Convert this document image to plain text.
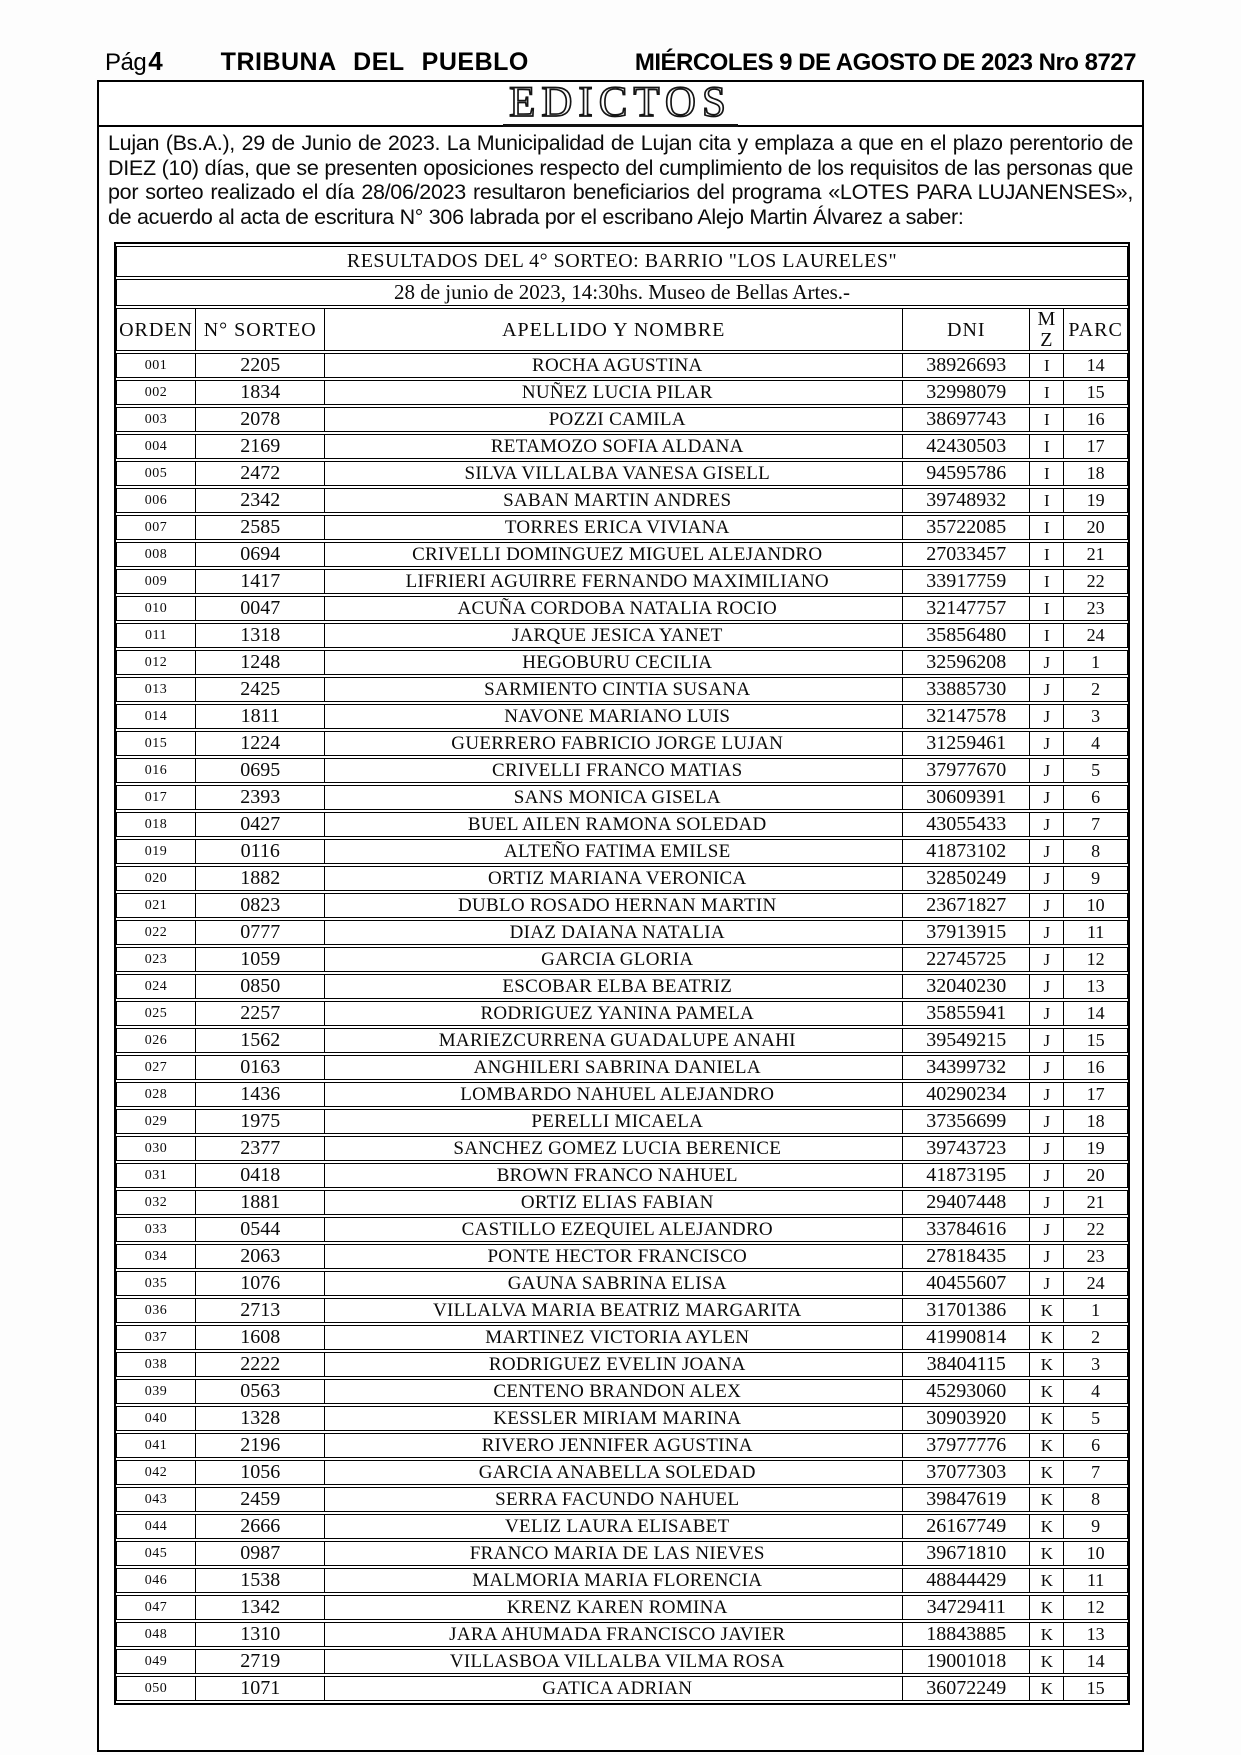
Pág 4 TRIBUNA DEL PUEBLO	MIÉRCOLES 9 DE AGOSTO DE 2023 Nro 8727
EDICTOS
Lujan (Bs.A.), 29 de Junio de 2023. La Municipalidad de Lujan cita y emplaza a que en el plazo perentorio de DIEZ (10) días, que se presenten oposiciones respecto del cumplimiento de los requisitos de las personas que por sorteo realizado el día 28/06/2023 resultaron beneficiarios del programa «LOTES PARA LUJANENSES», de acuerdo al acta de escritura N° 306 labrada por el escribano Alejo Martin Álvarez a saber:
RESULTADOS DEL 4° SORTEO: BARRIO "LOS LAURELES"					
28 de junio de 2023, 14:30hs. Museo de Bellas Artes.-					
ORDEN	N° SORTEO	APELLIDO Y NOMBRE	DNI	MZ	PARC
001	2205	ROCHA AGUSTINA	38926693	I	14
002	1834	NUÑEZ LUCIA PILAR	32998079	I	15
003	2078	POZZI CAMILA	38697743	I	16
004	2169	RETAMOZO SOFIA ALDANA	42430503	I	17
005	2472	SILVA VILLALBA VANESA GISELL	94595786	I	18
006	2342	SABAN MARTIN ANDRES	39748932	I	19
007	2585	TORRES ERICA VIVIANA	35722085	I	20
008	0694	CRIVELLI DOMINGUEZ MIGUEL ALEJANDRO	27033457	I	21
009	1417	LIFRIERI AGUIRRE FERNANDO MAXIMILIANO	33917759	I	22
010	0047	ACUÑA CORDOBA NATALIA ROCIO	32147757	I	23
011	1318	JARQUE JESICA YANET	35856480	I	24
012	1248	HEGOBURU CECILIA	32596208	J	1
013	2425	SARMIENTO CINTIA SUSANA	33885730	J	2
014	1811	NAVONE MARIANO LUIS	32147578	J	3
015	1224	GUERRERO FABRICIO JORGE LUJAN	31259461	J	4
016	0695	CRIVELLI FRANCO MATIAS	37977670	J	5
017	2393	SANS MONICA GISELA	30609391	J	6
018	0427	BUEL AILEN RAMONA SOLEDAD	43055433	J	7
019	0116	ALTEÑO FATIMA EMILSE	41873102	J	8
020	1882	ORTIZ MARIANA VERONICA	32850249	J	9
021	0823	DUBLO ROSADO HERNAN MARTIN	23671827	J	10
022	0777	DIAZ DAIANA NATALIA	37913915	J	11
023	1059	GARCIA GLORIA	22745725	J	12
024	0850	ESCOBAR ELBA BEATRIZ	32040230	J	13
025	2257	RODRIGUEZ YANINA PAMELA	35855941	J	14
026	1562	MARIEZCURRENA GUADALUPE ANAHI	39549215	J	15
027	0163	ANGHILERI SABRINA DANIELA	34399732	J	16
028	1436	LOMBARDO NAHUEL ALEJANDRO	40290234	J	17
029	1975	PERELLI MICAELA	37356699	J	18
030	2377	SANCHEZ GOMEZ LUCIA BERENICE	39743723	J	19
031	0418	BROWN FRANCO NAHUEL	41873195	J	20
032	1881	ORTIZ ELIAS FABIAN	29407448	J	21
033	0544	CASTILLO EZEQUIEL ALEJANDRO	33784616	J	22
034	2063	PONTE HECTOR FRANCISCO	27818435	J	23
035	1076	GAUNA SABRINA ELISA	40455607	J	24
036	2713	VILLALVA MARIA BEATRIZ MARGARITA	31701386	K	1
037	1608	MARTINEZ VICTORIA AYLEN	41990814	K	2
038	2222	RODRIGUEZ EVELIN JOANA	38404115	K	3
039	0563	CENTENO BRANDON ALEX	45293060	K	4
040	1328	KESSLER MIRIAM MARINA	30903920	K	5
041	2196	RIVERO JENNIFER AGUSTINA	37977776	K	6
042	1056	GARCIA ANABELLA SOLEDAD	37077303	K	7
043	2459	SERRA FACUNDO NAHUEL	39847619	K	8
044	2666	VELIZ LAURA ELISABET	26167749	K	9
045	0987	FRANCO MARIA DE LAS NIEVES	39671810	K	10
046	1538	MALMORIA MARIA FLORENCIA	48844429	K	11
047	1342	KRENZ KAREN ROMINA	34729411	K	12
048	1310	JARA AHUMADA FRANCISCO JAVIER	18843885	K	13
049	2719	VILLASBOA VILLALBA VILMA ROSA	19001018	K	14
050	1071	GATICA ADRIAN	36072249	K	15
